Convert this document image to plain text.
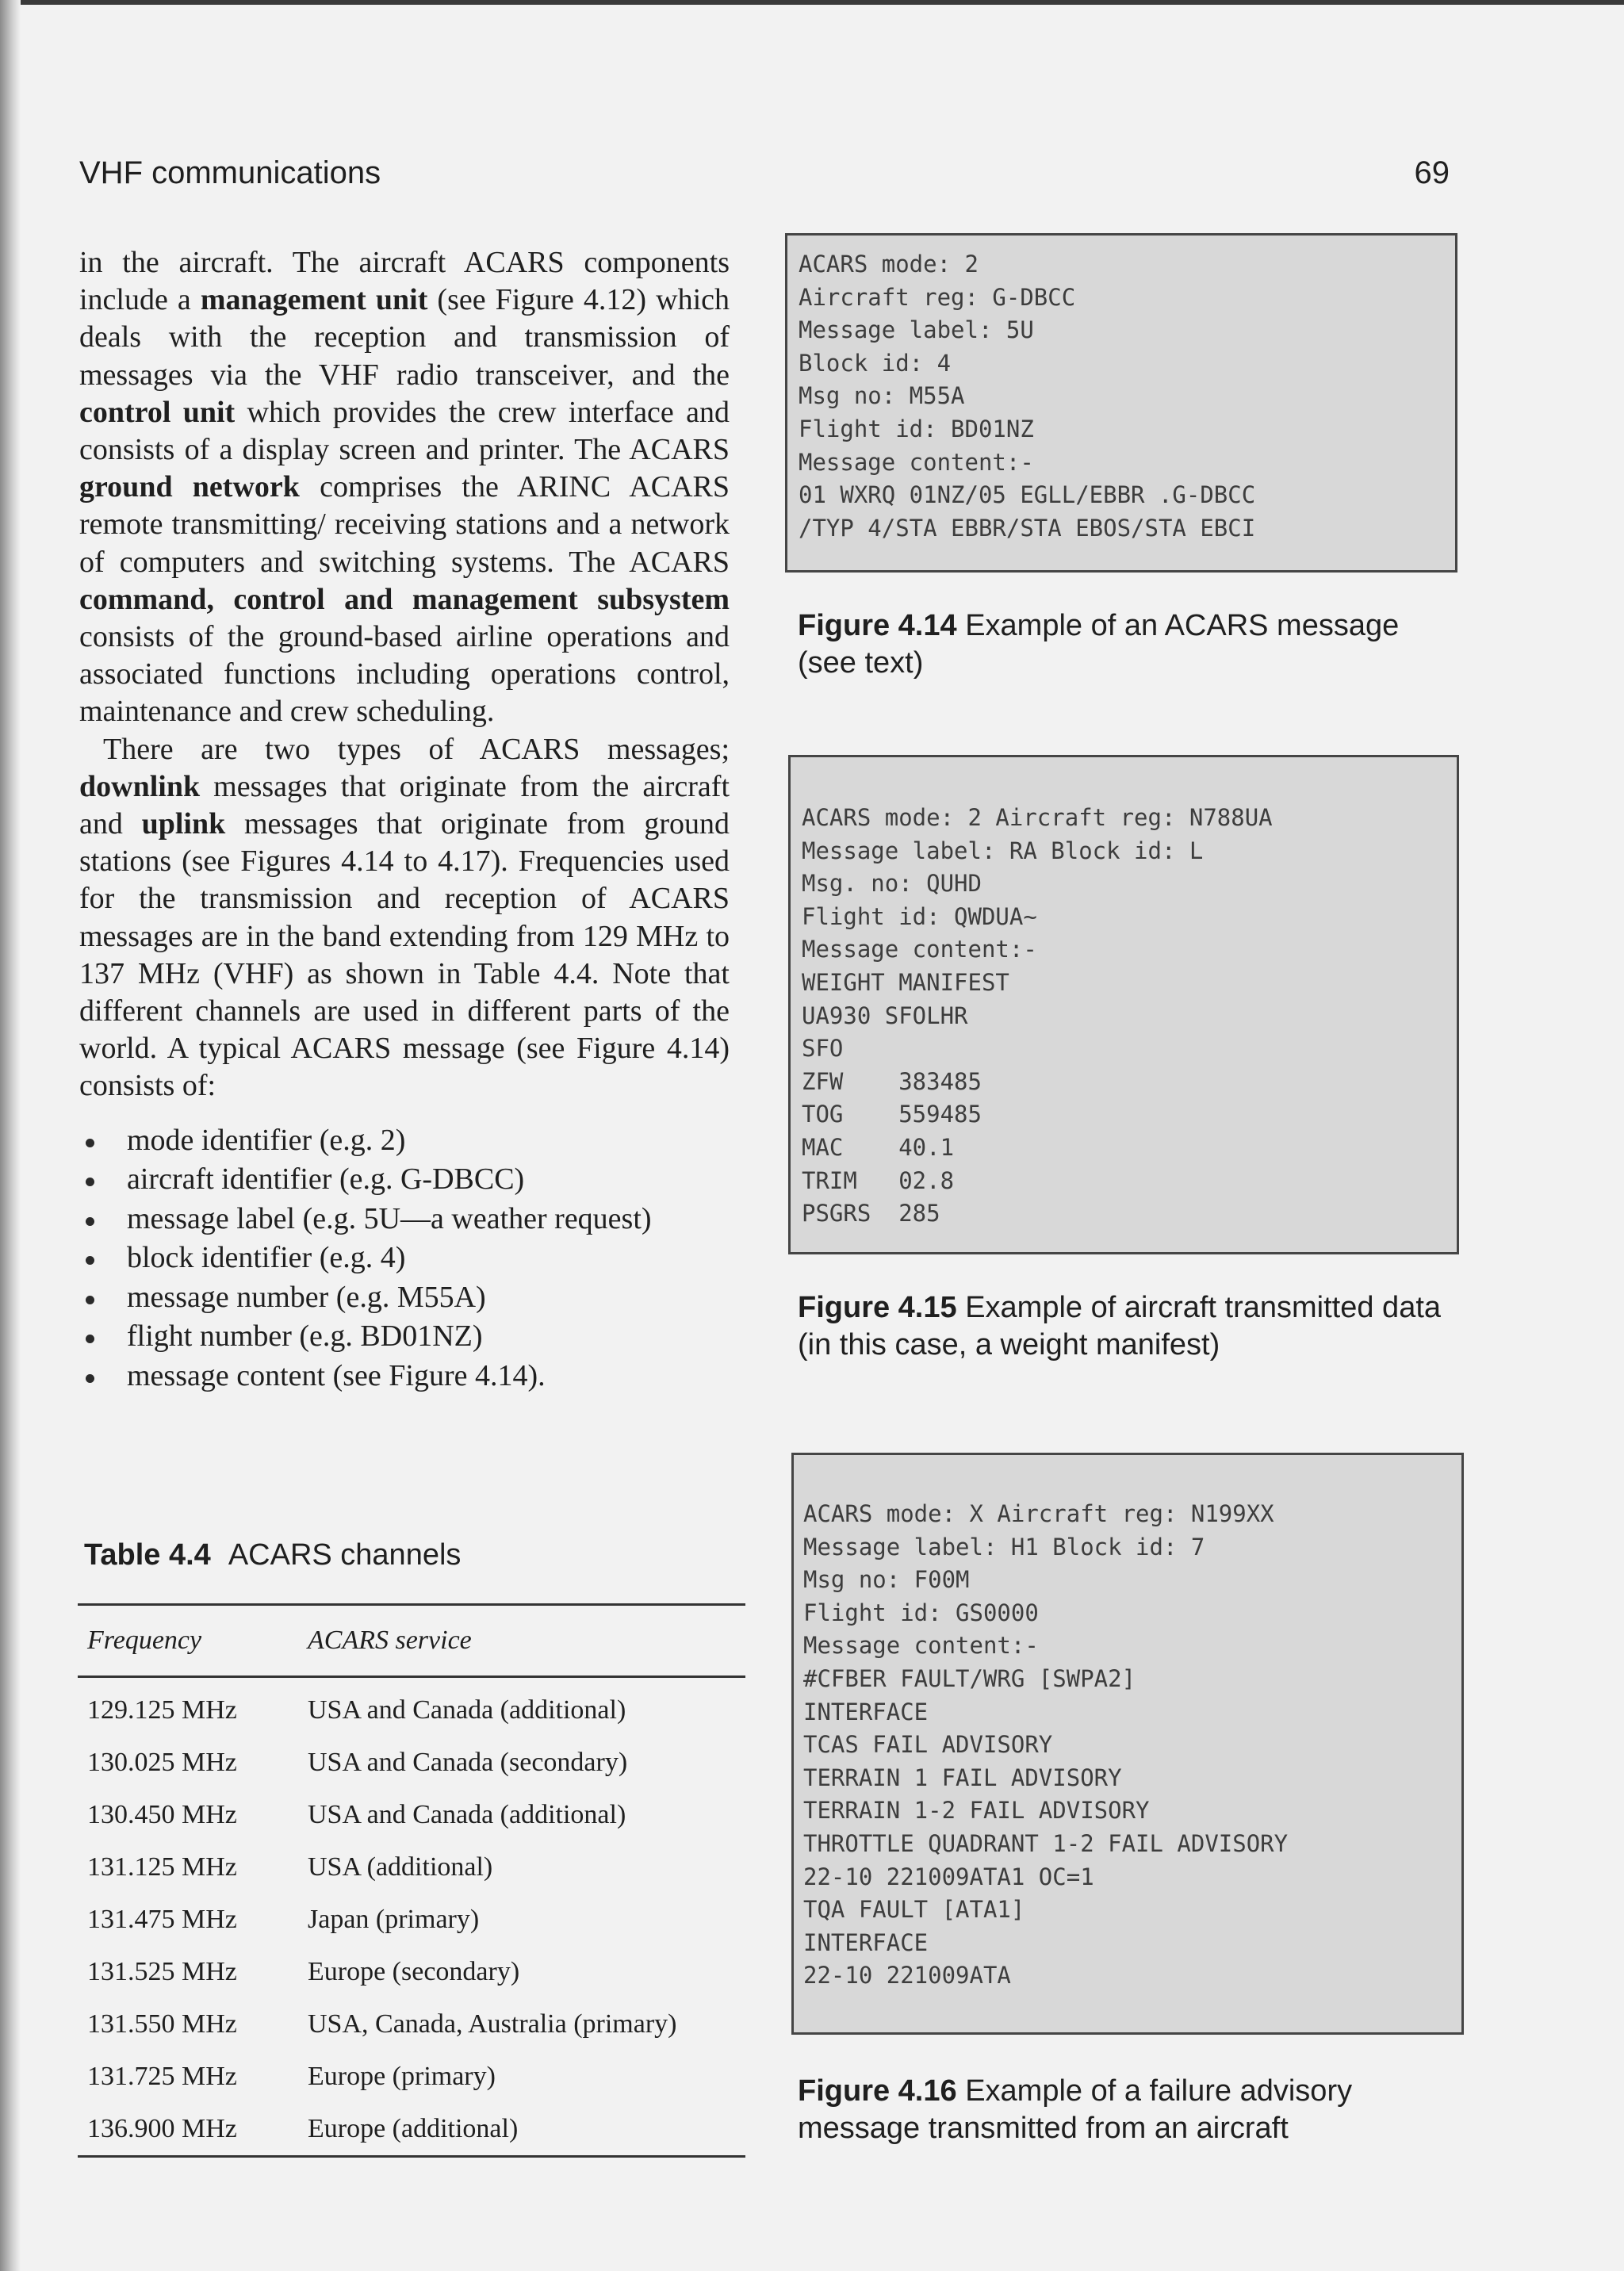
VHF communications	69

in the aircraft. The aircraft ACARS components include a management unit (see Figure 4.12) which deals with the reception and transmission of messages via the VHF radio transceiver, and the control unit which provides the crew interface and consists of a display screen and printer. The ACARS ground network comprises the ARINC ACARS remote transmitting/ receiving stations and a network of computers and switching systems. The ACARS command, control and management subsystem consists of the ground-based airline operations and associated functions including operations control, maintenance and crew scheduling.

There are two types of ACARS messages; downlink messages that originate from the aircraft and uplink messages that originate from ground stations (see Figures 4.14 to 4.17). Frequencies used for the transmission and reception of ACARS messages are in the band extending from 129 MHz to 137 MHz (VHF) as shown in Table 4.4. Note that different channels are used in different parts of the world. A typical ACARS message (see Figure 4.14) consists of:

mode identifier (e.g. 2)
aircraft identifier (e.g. G-DBCC)
message label (e.g. 5U—a weather request)
block identifier (e.g. 4)
message number (e.g. M55A)
flight number (e.g. BD01NZ)
message content (see Figure 4.14).
Table 4.4 ACARS channels
Frequency	ACARS service
129.125 MHz	USA and Canada (additional)
130.025 MHz	USA and Canada (secondary)
130.450 MHz	USA and Canada (additional)
131.125 MHz	USA (additional)
131.475 MHz	Japan (primary)
131.525 MHz	Europe (secondary)
131.550 MHz	USA, Canada, Australia (primary)
131.725 MHz	Europe (primary)
136.900 MHz	Europe (additional)
ACARS mode: 2
Aircraft reg: G-DBCC
Message label: 5U
Block id: 4
Msg no: M55A
Flight id: BD01NZ
Message content:-
01 WXRQ 01NZ/05 EGLL/EBBR .G-DBCC
/TYP 4/STA EBBR/STA EBOS/STA EBCI
Figure 4.14 Example of an ACARS message (see text)
ACARS mode: 2 Aircraft reg: N788UA
Message label: RA Block id: L
Msg. no: QUHD
Flight id: QWDUA~
Message content:-
WEIGHT MANIFEST
UA930 SFOLHR
SFO
ZFW    383485
TOG    559485
MAC    40.1
TRIM   02.8
PSGRS  285
Figure 4.15 Example of aircraft transmitted data (in this case, a weight manifest)
ACARS mode: X Aircraft reg: N199XX
Message label: H1 Block id: 7
Msg no: F00M
Flight id: GS0000
Message content:-
#CFBER FAULT/WRG [SWPA2]
INTERFACE
TCAS FAIL ADVISORY
TERRAIN 1 FAIL ADVISORY
TERRAIN 1-2 FAIL ADVISORY
THROTTLE QUADRANT 1-2 FAIL ADVISORY
22-10 221009ATA1 OC=1
TQA FAULT [ATA1]
INTERFACE
22-10 221009ATA
Figure 4.16 Example of a failure advisory message transmitted from an aircraft
